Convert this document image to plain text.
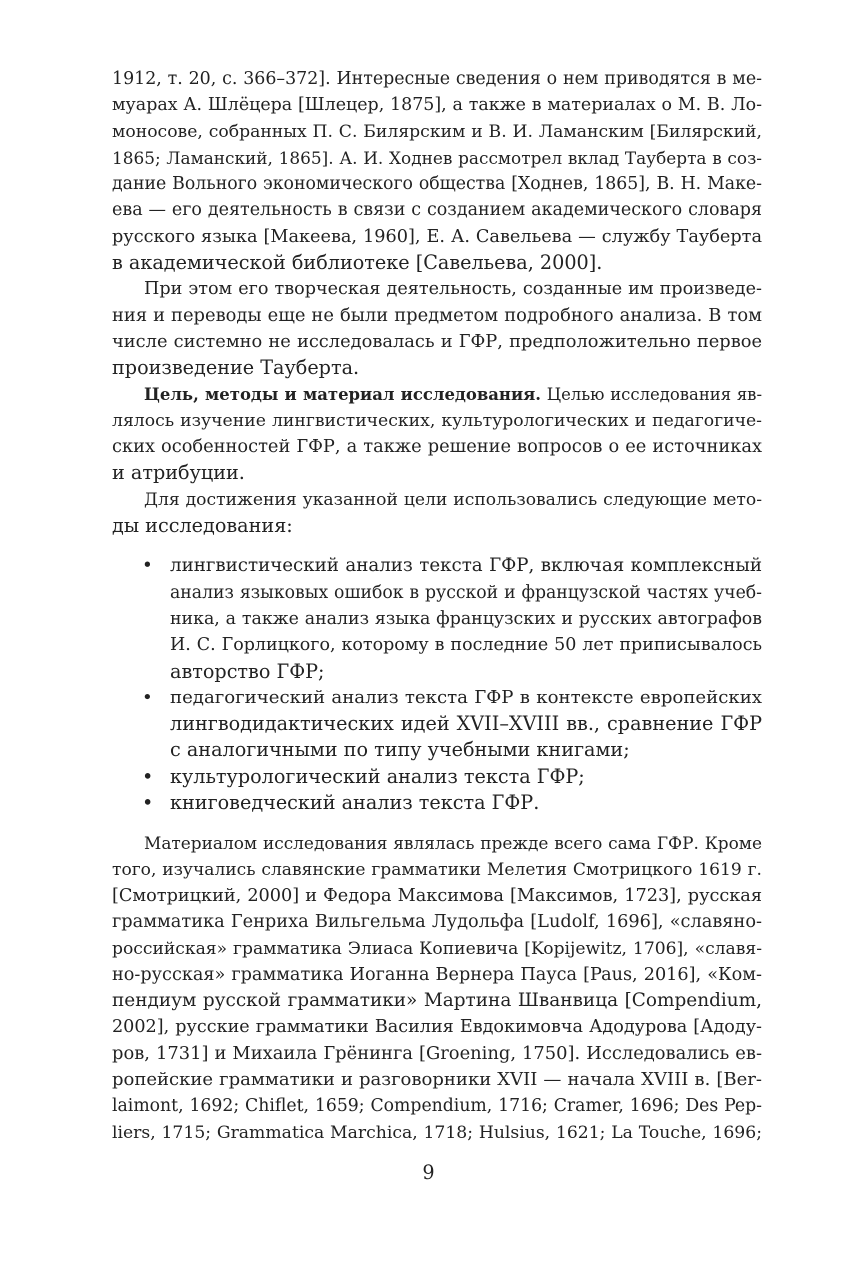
1912, т. 20, с. 366–372]. Интересные сведения о нем приводятся в ме-
муарах А. Шлёцера [Шлецер, 1875], а также в материалах о М. В. Ло-
моносове, собранных П. С. Билярским и В. И. Ламанским [Билярский,
1865; Ламанский, 1865]. А. И. Ходнев рассмотрел вклад Тауберта в соз-
дание Вольного экономического общества [Ходнев, 1865], В. Н. Маке-
ева — его деятельность в связи с созданием академического словаря
русского языка [Макеева, 1960], Е. А. Савельева — службу Тауберта
в академической библиотеке [Савельева, 2000].
При этом его творческая деятельность, созданные им произведе-
ния и переводы еще не были предметом подробного анализа. В том
числе системно не исследовалась и ГФР, предположительно первое
произведение Тауберта.
Цель, методы и материал исследования. Целью исследования яв-
лялось изучение лингвистических, культурологических и педагогиче-
ских особенностей ГФР, а также решение вопросов о ее источниках
и атрибуции.
Для достижения указанной цели использовались следующие мето-
ды исследования:
• лингвистический анализ текста ГФР, включая комплексный
анализ языковых ошибок в русской и французской частях учеб-
ника, а также анализ языка французских и русских автографов
И. С. Горлицкого, которому в последние 50 лет приписывалось
авторство ГФР;
• педагогический анализ текста ГФР в контексте европейских
лингводидактических идей XVII–XVIII вв., сравнение ГФР
с аналогичными по типу учебными книгами;
• культурологический анализ текста ГФР;
• книговедческий анализ текста ГФР.
Материалом исследования являлась прежде всего сама ГФР. Кроме
того, изучались славянские грамматики Мелетия Смотрицкого 1619 г.
[Смотрицкий, 2000] и Федора Максимова [Максимов, 1723], русская
грамматика Генриха Вильгельма Лудольфа [Ludolf, 1696], «славяно-
российская» грамматика Элиаса Копиевича [Kopijewitz, 1706], «славя-
но-русская» грамматика Иоганна Вернера Пауса [Paus, 2016], «Ком-
пендиум русской грамматики» Мартина Шванвица [Compendium,
2002], русские грамматики Василия Евдокимовча Адодурова [Адоду-
ров, 1731] и Михаила Грёнинга [Groening, 1750]. Исследовались ев-
ропейские грамматики и разговорники XVII — начала XVIII в. [Ber-
laimont, 1692; Chiflet, 1659; Compendium, 1716; Cramer, 1696; Des Pep-
liers, 1715; Grammatica Marchica, 1718; Hulsius, 1621; La Touche, 1696;
9
